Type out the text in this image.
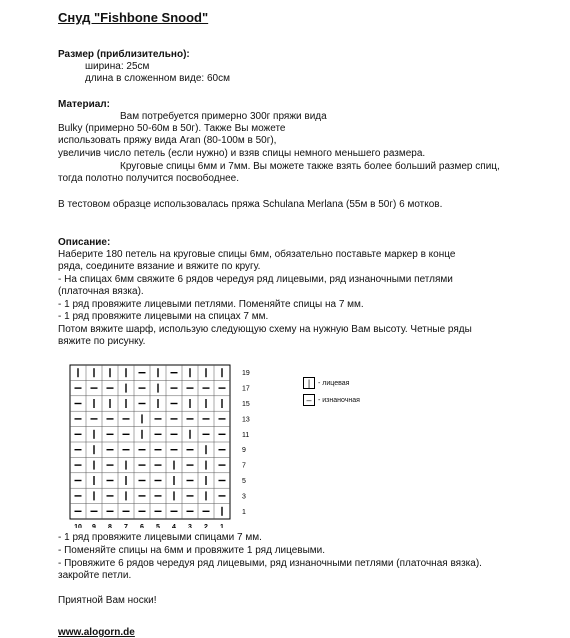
Снуд "Fishbone Snood"
Размер (приблизительно):
ширина: 25см
длина в сложенном виде: 60см
Материал:
Вам потребуется примерно 300г пряжи вида
Bulky (примерно 50-60м в 50г). Также Вы можете
использовать пряжу вида Aran (80-100м в 50г),
увеличив число петель (если нужно) и взяв спицы немного меньшего размера.
Круговые спицы 6мм и 7мм. Вы можете также взять более больший размер спиц,
тогда полотно получится посвободнее.
В тестовом образце использовалась пряжа Schulana Merlana (55м в 50г) 6 мотков.
Описание:
Наберите 180 петель на круговые спицы 6мм, обязательно поставьте маркер в конце
ряда, соедините вязание и вяжите по кругу.
- На спицах 6мм свяжите 6 рядов чередуя ряд лицевыми, ряд изнаночными петлями
(платочная вязка).
- 1 ряд провяжите лицевыми петлями. Поменяйте спицы на 7 мм.
- 1 ряд провяжите лицевыми на спицах 7 мм.
Потом вяжите шарф, использую следующую схему на нужную Вам высоту. Четные ряды
вяжите по рисунку.
19
17
15
13
11
9
7
5
3
1
10 9 8 7 6 5 4 3 2 1
|	- лицевая
– - изнаночная
- 1 ряд провяжите лицевыми спицами 7 мм.
- Поменяйте спицы на 6мм и провяжите 1 ряд лицевыми.
- Провяжите 6 рядов чередуя ряд лицевыми, ряд изнаночными петлями (платочная вязка).
закройте петли.
Приятной Вам носки!
www.alogorn.de
